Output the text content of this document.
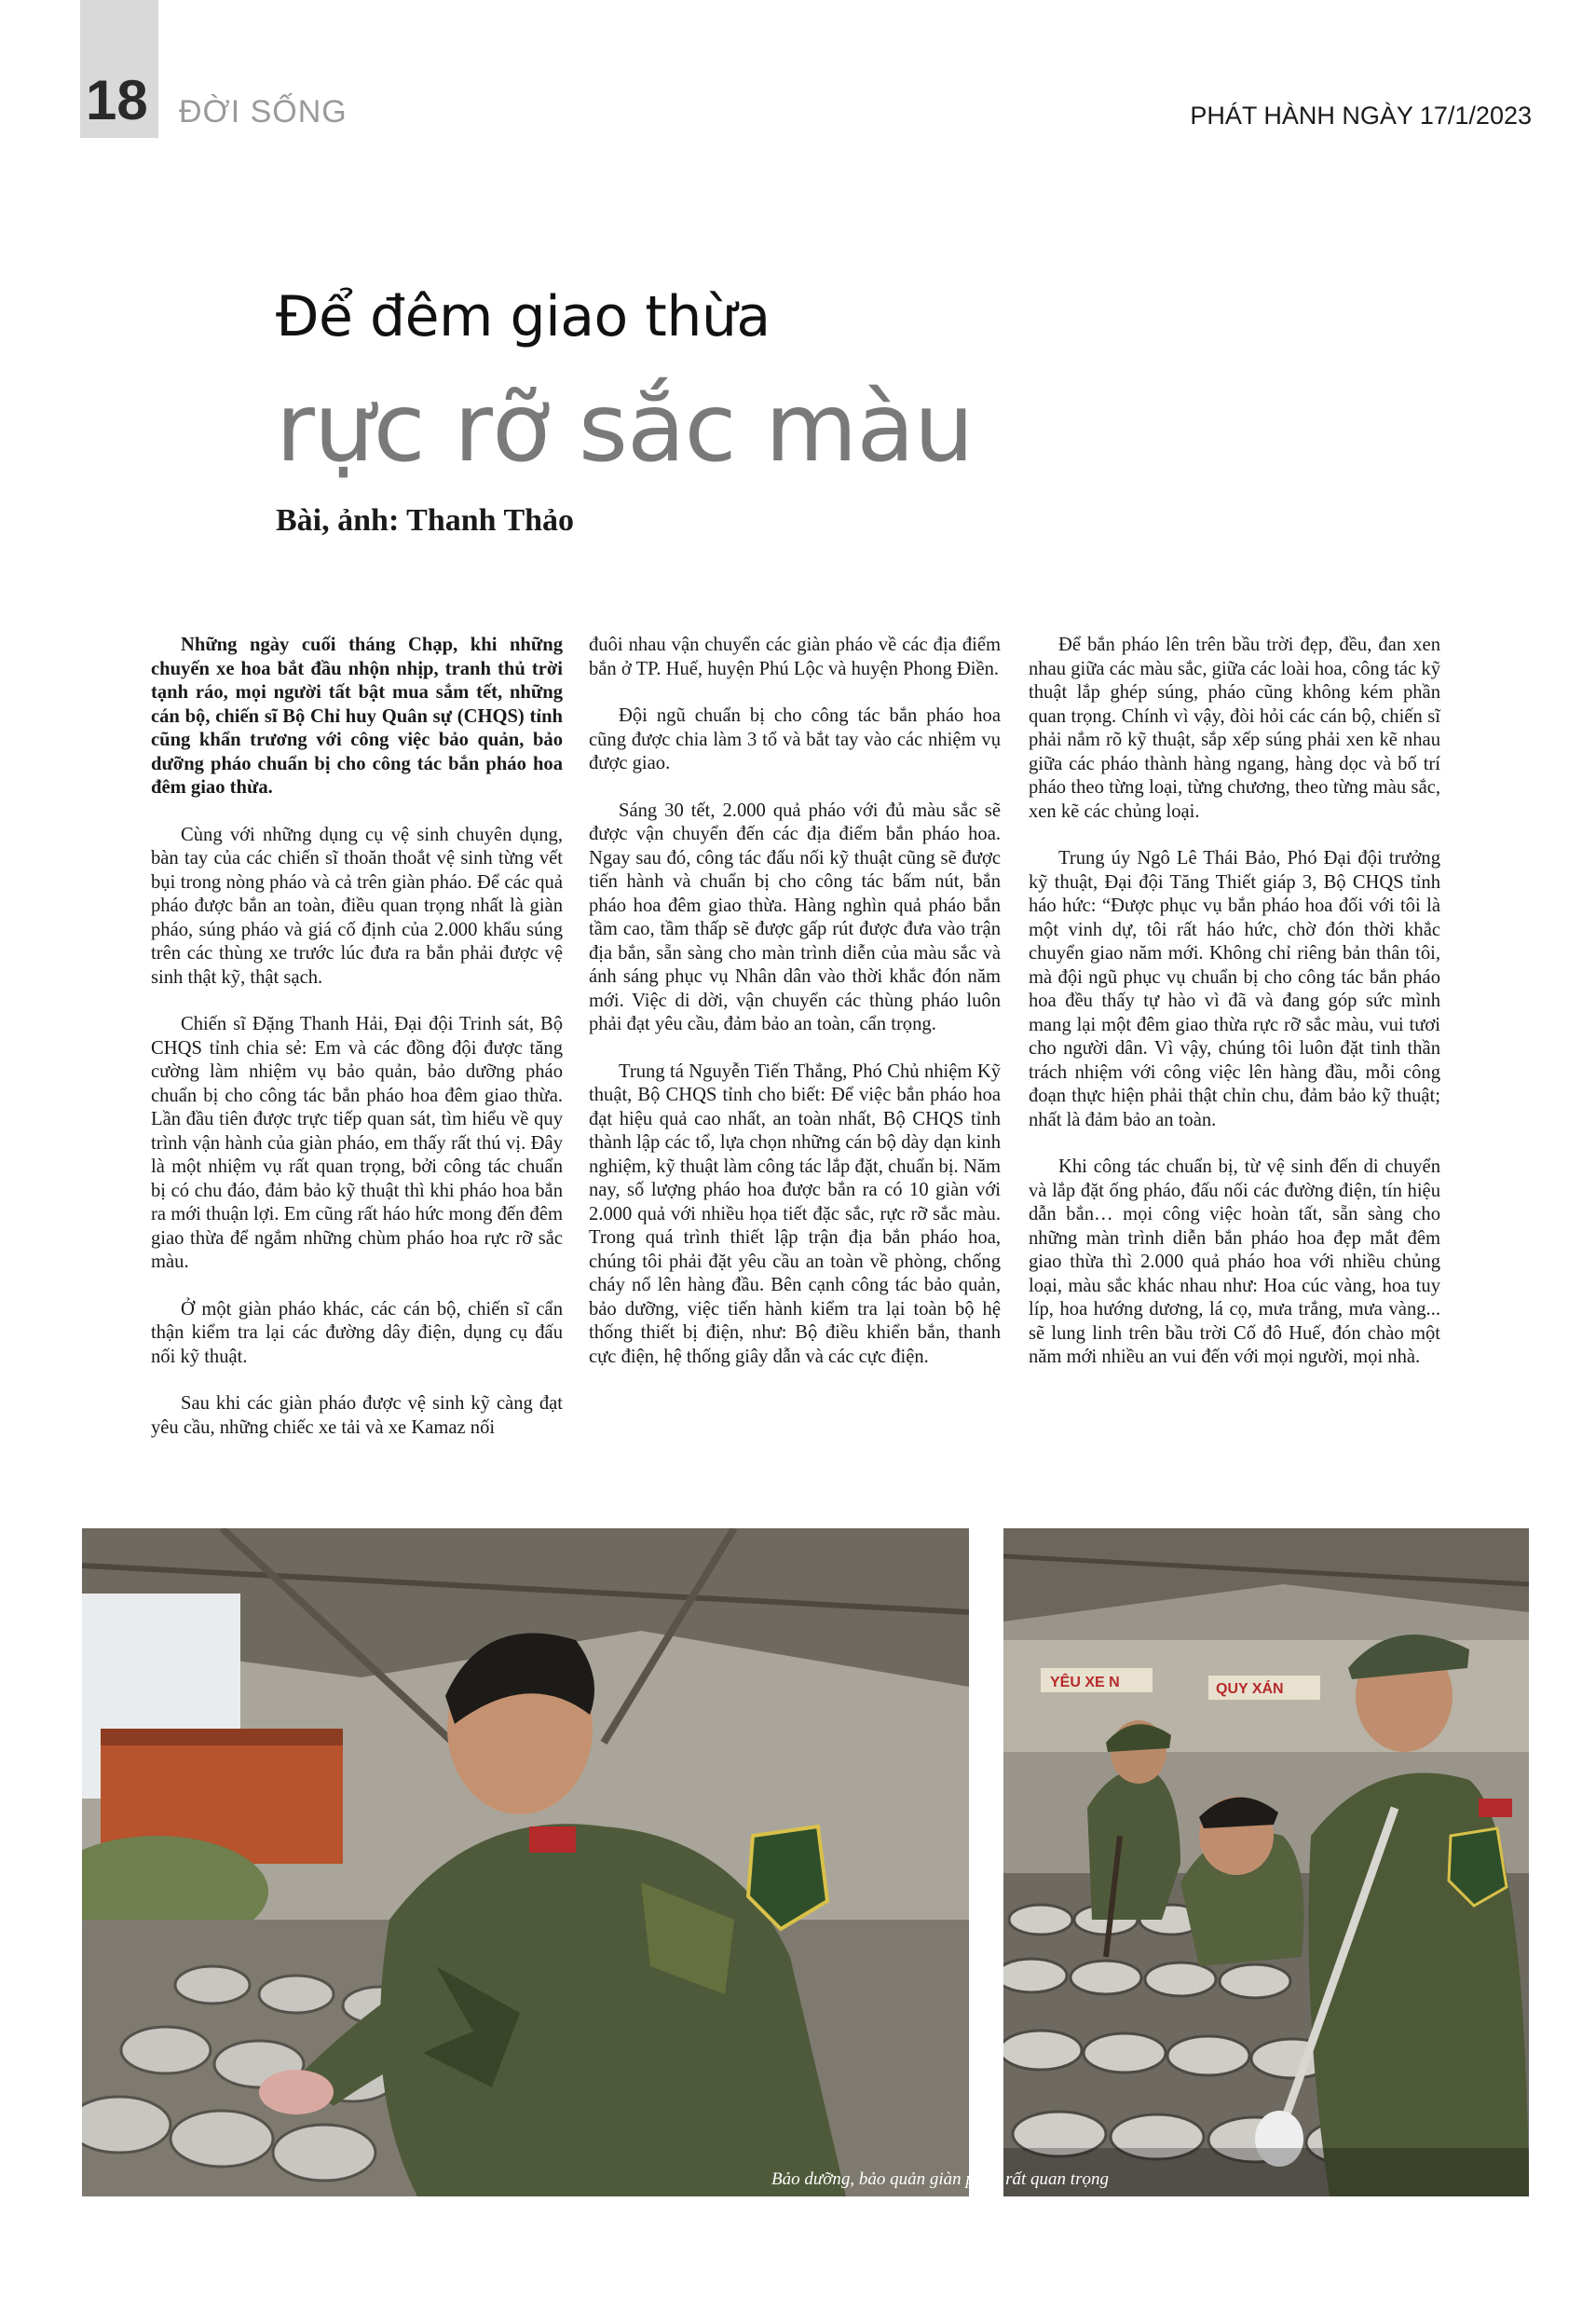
18 ĐỜI SỐNG	PHÁT HÀNH NGÀY 17/1/2023
Để đêm giao thừa
rực rỡ sắc màu
Bài, ảnh: Thanh Thảo

Những ngày cuối tháng Chạp, khi những chuyến xe hoa bắt đầu nhộn nhịp, tranh thủ trời tạnh ráo, mọi người tất bật mua sắm tết, những cán bộ, chiến sĩ Bộ Chỉ huy Quân sự (CHQS) tỉnh cũng khẩn trương với công việc bảo quản, bảo dưỡng pháo chuẩn bị cho công tác bắn pháo hoa đêm giao thừa.

Cùng với những dụng cụ vệ sinh chuyên dụng, bàn tay của các chiến sĩ thoăn thoắt vệ sinh từng vết bụi trong nòng pháo và cả trên giàn pháo. Để các quả pháo được bắn an toàn, điều quan trọng nhất là giàn pháo, súng pháo và giá cố định của 2.000 khẩu súng trên các thùng xe trước lúc đưa ra bắn phải được vệ sinh thật kỹ, thật sạch.

Chiến sĩ Đặng Thanh Hải, Đại đội Trinh sát, Bộ CHQS tỉnh chia sẻ: Em và các đồng đội được tăng cường làm nhiệm vụ bảo quản, bảo dưỡng pháo chuẩn bị cho công tác bắn pháo hoa đêm giao thừa. Lần đầu tiên được trực tiếp quan sát, tìm hiểu về quy trình vận hành của giàn pháo, em thấy rất thú vị. Đây là một nhiệm vụ rất quan trọng, bởi công tác chuẩn bị có chu đáo, đảm bảo kỹ thuật thì khi pháo hoa bắn ra mới thuận lợi. Em cũng rất háo hức mong đến đêm giao thừa để ngắm những chùm pháo hoa rực rỡ sắc màu.

Ở một giàn pháo khác, các cán bộ, chiến sĩ cẩn thận kiểm tra lại các đường dây điện, dụng cụ đấu nối kỹ thuật.

Sau khi các giàn pháo được vệ sinh kỹ càng đạt yêu cầu, những chiếc xe tải và xe Kamaz nối

đuôi nhau vận chuyển các giàn pháo về các địa điểm bắn ở TP. Huế, huyện Phú Lộc và huyện Phong Điền.

Đội ngũ chuẩn bị cho công tác bắn pháo hoa cũng được chia làm 3 tổ và bắt tay vào các nhiệm vụ được giao.

Sáng 30 tết, 2.000 quả pháo với đủ màu sắc sẽ được vận chuyển đến các địa điểm bắn pháo hoa. Ngay sau đó, công tác đấu nối kỹ thuật cũng sẽ được tiến hành và chuẩn bị cho công tác bấm nút, bắn pháo hoa đêm giao thừa. Hàng nghìn quả pháo bắn tầm cao, tầm thấp sẽ được gấp rút được đưa vào trận địa bắn, sẵn sàng cho màn trình diễn của màu sắc và ánh sáng phục vụ Nhân dân vào thời khắc đón năm mới. Việc di dời, vận chuyển các thùng pháo luôn phải đạt yêu cầu, đảm bảo an toàn, cẩn trọng.

Trung tá Nguyễn Tiến Thắng, Phó Chủ nhiệm Kỹ thuật, Bộ CHQS tỉnh cho biết: Để việc bắn pháo hoa đạt hiệu quả cao nhất, an toàn nhất, Bộ CHQS tỉnh thành lập các tổ, lựa chọn những cán bộ dày dạn kinh nghiệm, kỹ thuật làm công tác lắp đặt, chuẩn bị. Năm nay, số lượng pháo hoa được bắn ra có 10 giàn với 2.000 quả với nhiều họa tiết đặc sắc, rực rỡ sắc màu. Trong quá trình thiết lập trận địa bắn pháo hoa, chúng tôi phải đặt yêu cầu an toàn về phòng, chống cháy nổ lên hàng đầu. Bên cạnh công tác bảo quản, bảo dưỡng, việc tiến hành kiểm tra lại toàn bộ hệ thống thiết bị điện, như: Bộ điều khiển bắn, thanh cực điện, hệ thống giây dẫn và các cực điện.

Để bắn pháo lên trên bầu trời đẹp, đều, đan xen nhau giữa các màu sắc, giữa các loài hoa, công tác kỹ thuật lắp ghép súng, pháo cũng không kém phần quan trọng. Chính vì vậy, đòi hỏi các cán bộ, chiến sĩ phải nắm rõ kỹ thuật, sắp xếp súng phải xen kẽ nhau giữa các pháo thành hàng ngang, hàng dọc và bố trí pháo theo từng loại, từng chương, theo từng màu sắc, xen kẽ các chủng loại.

Trung úy Ngô Lê Thái Bảo, Phó Đại đội trưởng kỹ thuật, Đại đội Tăng Thiết giáp 3, Bộ CHQS tỉnh háo hức: “Được phục vụ bắn pháo hoa đối với tôi là một vinh dự, tôi rất háo hức, chờ đón thời khắc chuyển giao năm mới. Không chỉ riêng bản thân tôi, mà đội ngũ phục vụ chuẩn bị cho công tác bắn pháo hoa đều thấy tự hào vì đã và đang góp sức mình mang lại một đêm giao thừa rực rỡ sắc màu, vui tươi cho người dân. Vì vậy, chúng tôi luôn đặt tinh thần trách nhiệm với công việc lên hàng đầu, mỗi công đoạn thực hiện phải thật chỉn chu, đảm bảo kỹ thuật; nhất là đảm bảo an toàn.

Khi công tác chuẩn bị, từ vệ sinh đến di chuyển và lắp đặt ống pháo, đấu nối các đường điện, tín hiệu dẫn bắn… mọi công việc hoàn tất, sẵn sàng cho những màn trình diễn bắn pháo hoa đẹp mắt đêm giao thừa thì 2.000 quả pháo hoa với nhiều chủng loại, màu sắc khác nhau như: Hoa cúc vàng, hoa tuy líp, hoa hướng dương, lá cọ, mưa trắng, mưa vàng... sẽ lung linh trên bầu trời Cố đô Huế, đón chào một năm mới nhiều an vui đến với mọi người, mọi nhà.

YÊU XE N	QUY XÁN
Bảo dưỡng, bảo quản giàn pháo rất quan trọng
